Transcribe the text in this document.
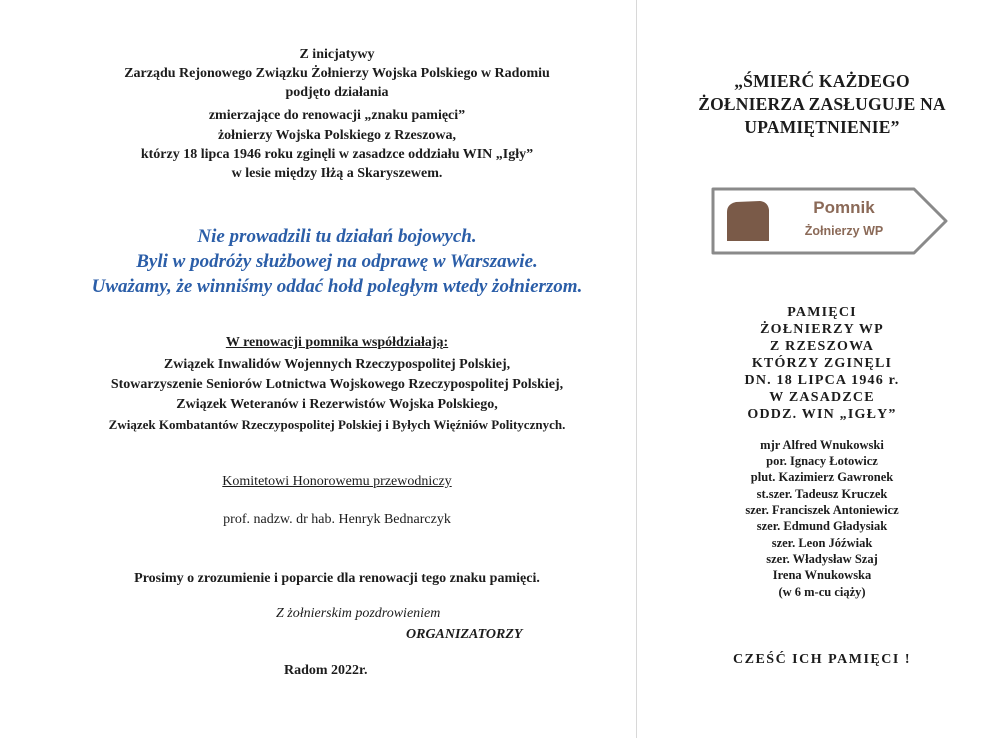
Z inicjatywy
Zarządu Rejonowego Związku Żołnierzy Wojska Polskiego w Radomiu
podjęto działania
zmierzające do renowacji „znaku pamięci”
żołnierzy Wojska Polskiego z Rzeszowa,
którzy 18 lipca 1946 roku zginęli w zasadzce oddziału WIN „Igły”
w lesie między Iłżą a Skaryszewem.
Nie prowadzili tu działań bojowych.
Byli w podróży służbowej na odprawę w Warszawie.
Uważamy, że winniśmy oddać hołd poległym wtedy żołnierzom.
W renowacji pomnika współdziałają:
Związek Inwalidów Wojennych Rzeczypospolitej Polskiej,
Stowarzyszenie Seniorów Lotnictwa Wojskowego Rzeczypospolitej Polskiej,
Związek Weteranów i Rezerwistów Wojska Polskiego,
Związek Kombatantów Rzeczypospolitej Polskiej i Byłych Więźniów Politycznych.
Komitetowi Honorowemu przewodniczy
prof. nadzw. dr hab. Henryk Bednarczyk
Prosimy o zrozumienie i poparcie dla renowacji tego znaku pamięci.
Z żołnierskim pozdrowieniem
ORGANIZATORZY
Radom 2022r.
„ŚMIERĆ KAŻDEGO
ŻOŁNIERZA ZASŁUGUJE NA
UPAMIĘTNIENIE”
PAMIĘCI
ŻOŁNIERZY WP
Z RZESZOWA
KTÓRZY ZGINĘLI
DN. 18 LIPCA 1946 r.
W ZASADZCE
ODDZ. WIN „IGŁY”
mjr Alfred Wnukowski
por. Ignacy Łotowicz
plut. Kazimierz Gawronek
st.szer. Tadeusz Kruczek
szer. Franciszek Antoniewicz
szer. Edmund Gładysiak
szer. Leon Jóźwiak
szer. Władysław Szaj
Irena Wnukowska
(w 6 m-cu ciąży)
CZEŚĆ ICH PAMIĘCI !
Pomnik
Żołnierzy WP
